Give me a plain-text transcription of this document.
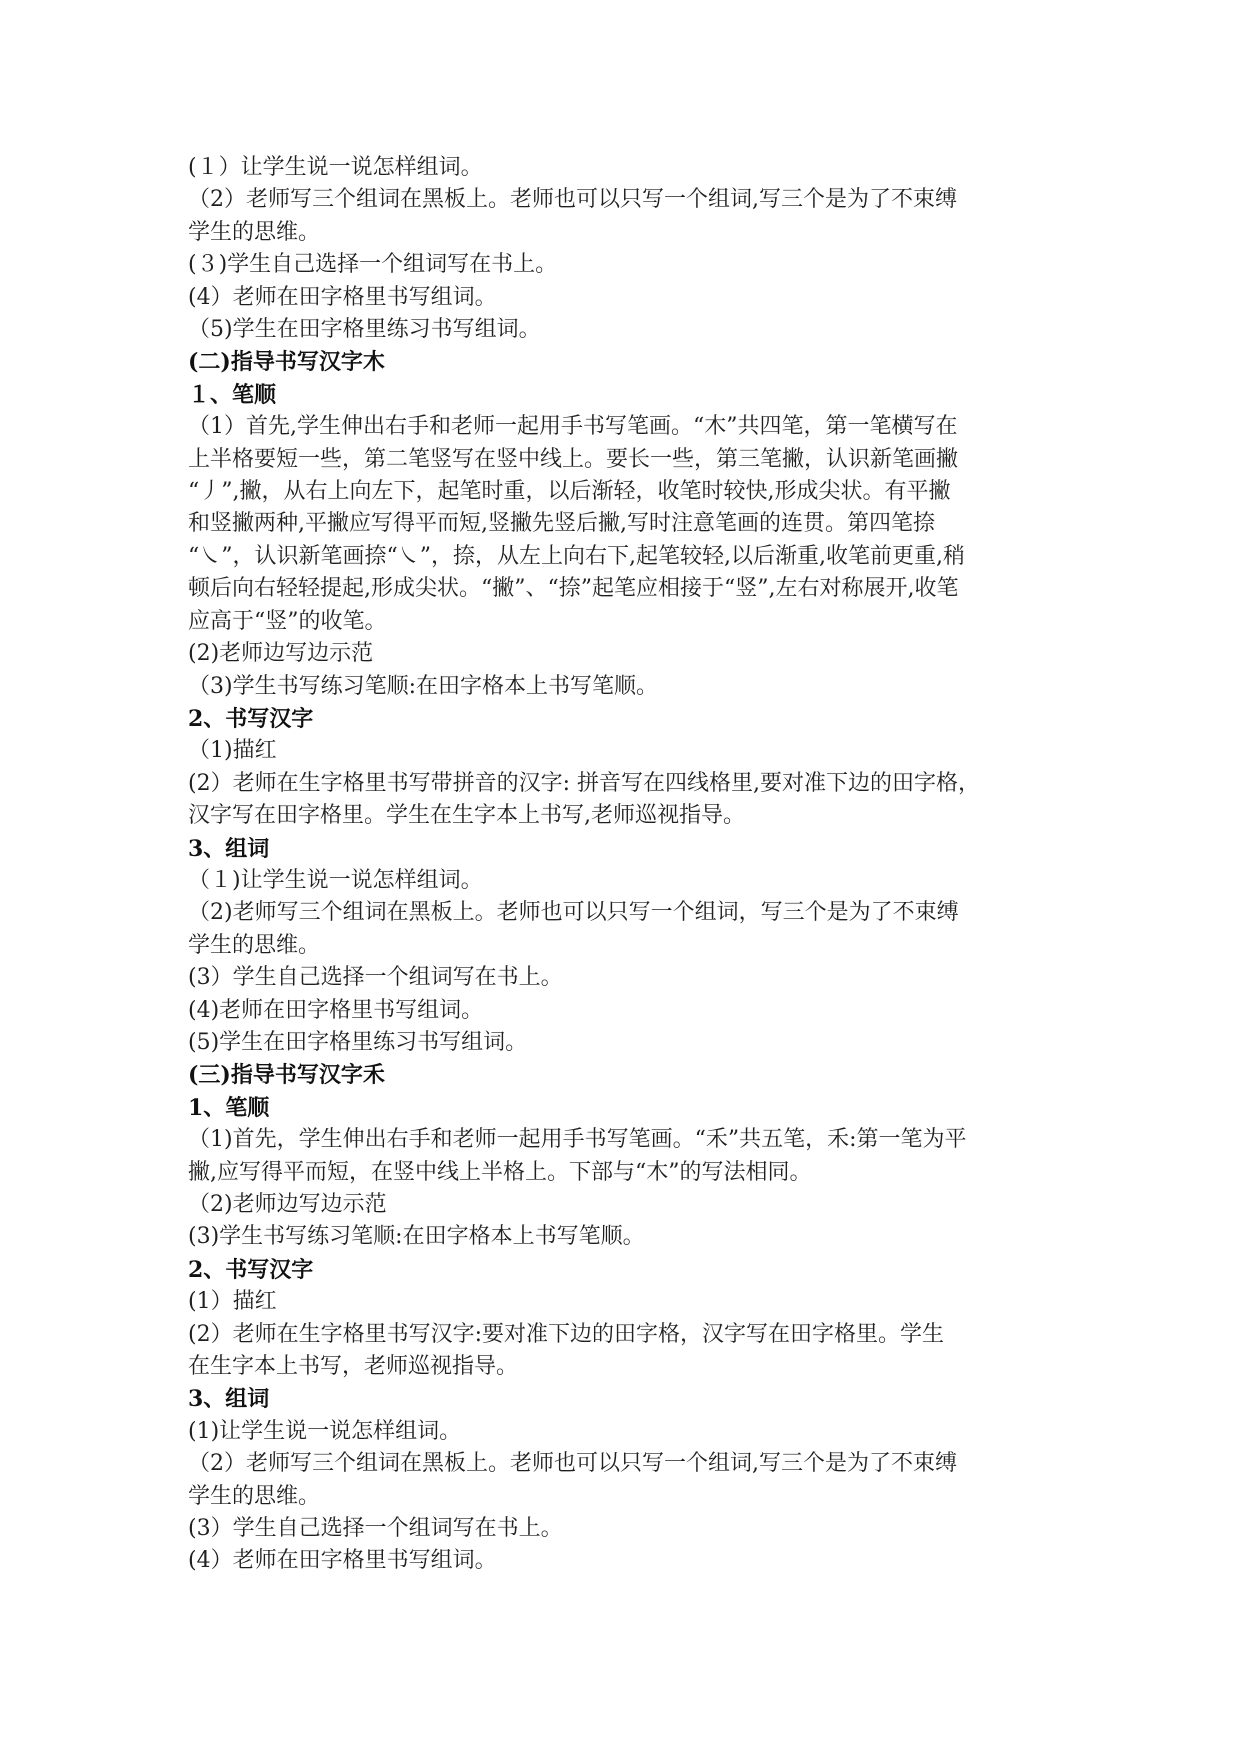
(１）让学生说一说怎样组词。

（2）老师写三个组词在黑板上。老师也可以只写一个组词,写三个是为了不束缚

学生的思维。

(３)学生自己选择一个组词写在书上。

(4）老师在田字格里书写组词。

（5)学生在田字格里练习书写组词。

(二)指导书写汉字木

１、笔顺

（1）首先,学生伸出右手和老师一起用手书写笔画。“木”共四笔，第一笔横写在

上半格要短一些，第二笔竖写在竖中线上。要长一些，第三笔撇，认识新笔画撇

“丿”,撇，从右上向左下，起笔时重，以后渐轻，收笔时较快,形成尖状。有平撇

和竖撇两种,平撇应写得平而短,竖撇先竖后撇,写时注意笔画的连贯。第四笔捺

“㇏”，认识新笔画捺“㇏”，捺，从左上向右下,起笔较轻,以后渐重,收笔前更重,稍

顿后向右轻轻提起,形成尖状。“撇”、“捺”起笔应相接于“竖”,左右对称展开,收笔

应高于“竖”的收笔。

(2)老师边写边示范

（3)学生书写练习笔顺:在田字格本上书写笔顺。

2、书写汉字

（1)描红

(2）老师在生字格里书写带拼音的汉字: 拼音写在四线格里,要对准下边的田字格，

汉字写在田字格里。学生在生字本上书写,老师巡视指导。

3、组词

（１)让学生说一说怎样组词。

（2)老师写三个组词在黑板上。老师也可以只写一个组词，写三个是为了不束缚

学生的思维。

(3）学生自己选择一个组词写在书上。

(4)老师在田字格里书写组词。

(5)学生在田字格里练习书写组词。

(三)指导书写汉字禾

1、笔顺

（1)首先，学生伸出右手和老师一起用手书写笔画。“禾”共五笔，禾:第一笔为平

撇,应写得平而短，在竖中线上半格上。下部与“木”的写法相同。

（2)老师边写边示范

(3)学生书写练习笔顺:在田字格本上书写笔顺。

2、书写汉字

(1）描红

(2）老师在生字格里书写汉字:要对准下边的田字格，汉字写在田字格里。学生

在生字本上书写，老师巡视指导。

3、组词

(1)让学生说一说怎样组词。

（2）老师写三个组词在黑板上。老师也可以只写一个组词,写三个是为了不束缚

学生的思维。

(3）学生自己选择一个组词写在书上。

(4）老师在田字格里书写组词。
